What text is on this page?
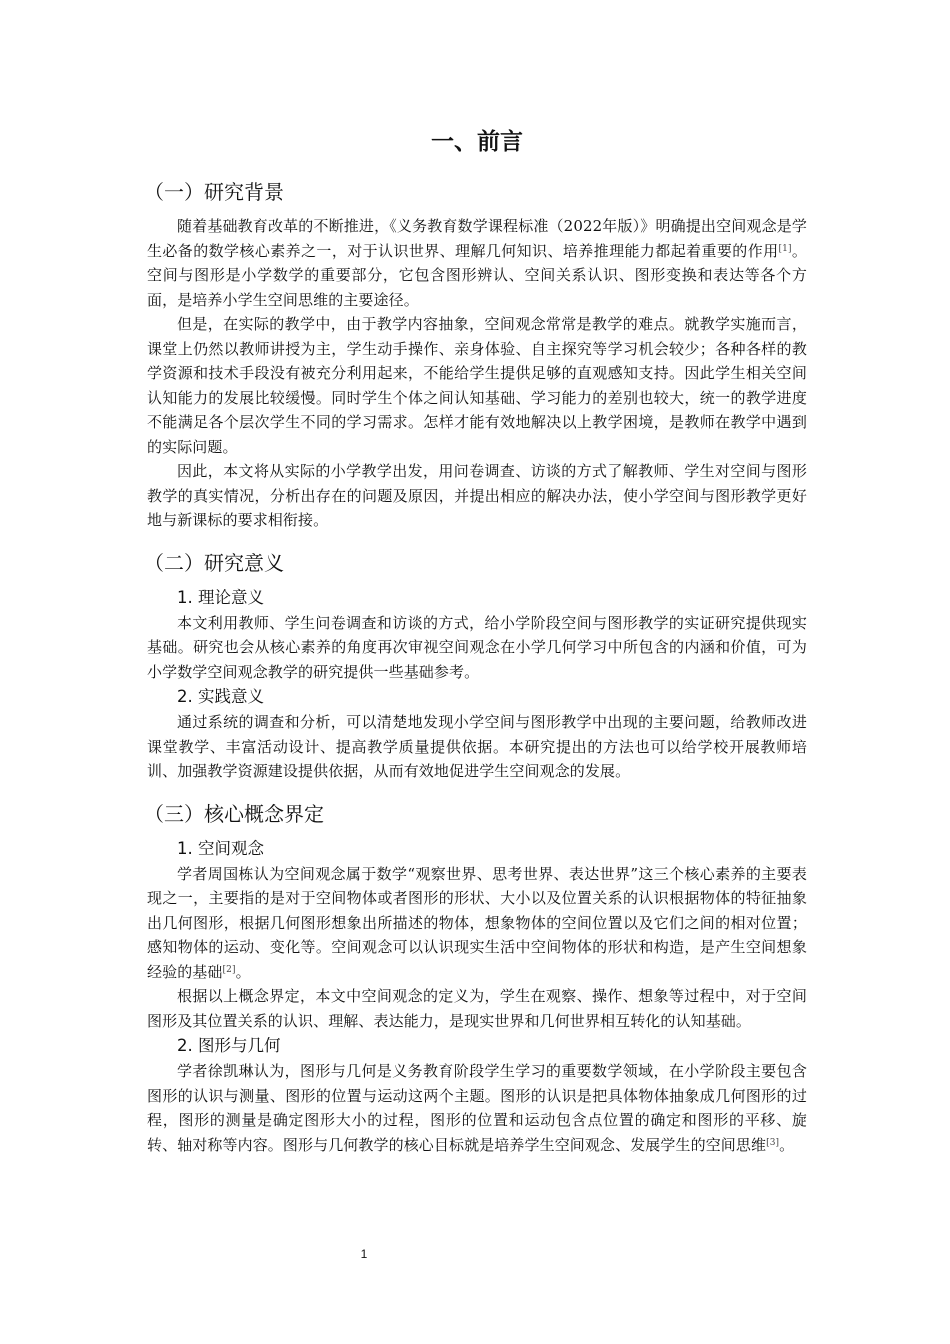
一、前言
（一）研究背景

随着基础教育改革的不断推进，《义务教育数学课程标准（2022年版）》明确提出空间观念是学生必备的数学核心素养之一，对于认识世界、理解几何知识、培养推理能力都起着重要的作用[1]。空间与图形是小学数学的重要部分，它包含图形辨认、空间关系认识、图形变换和表达等各个方面，是培养小学生空间思维的主要途径。

但是，在实际的教学中，由于教学内容抽象，空间观念常常是教学的难点。就教学实施而言，课堂上仍然以教师讲授为主，学生动手操作、亲身体验、自主探究等学习机会较少；各种各样的教学资源和技术手段没有被充分利用起来，不能给学生提供足够的直观感知支持。因此学生相关空间认知能力的发展比较缓慢。同时学生个体之间认知基础、学习能力的差别也较大，统一的教学进度不能满足各个层次学生不同的学习需求。怎样才能有效地解决以上教学困境，是教师在教学中遇到的实际问题。

因此，本文将从实际的小学教学出发，用问卷调查、访谈的方式了解教师、学生对空间与图形教学的真实情况，分析出存在的问题及原因，并提出相应的解决办法，使小学空间与图形教学更好地与新课标的要求相衔接。

（二）研究意义
1. 理论意义

本文利用教师、学生问卷调查和访谈的方式，给小学阶段空间与图形教学的实证研究提供现实基础。研究也会从核心素养的角度再次审视空间观念在小学几何学习中所包含的内涵和价值，可为小学数学空间观念教学的研究提供一些基础参考。

2. 实践意义

通过系统的调查和分析，可以清楚地发现小学空间与图形教学中出现的主要问题，给教师改进课堂教学、丰富活动设计、提高教学质量提供依据。本研究提出的方法也可以给学校开展教师培训、加强教学资源建设提供依据，从而有效地促进学生空间观念的发展。

（三）核心概念界定
1. 空间观念

学者周国栋认为空间观念属于数学“观察世界、思考世界、表达世界”这三个核心素养的主要表现之一，主要指的是对于空间物体或者图形的形状、大小以及位置关系的认识根据物体的特征抽象出几何图形，根据几何图形想象出所描述的物体，想象物体的空间位置以及它们之间的相对位置；感知物体的运动、变化等。空间观念可以认识现实生活中空间物体的形状和构造，是产生空间想象经验的基础[2]。

根据以上概念界定，本文中空间观念的定义为，学生在观察、操作、想象等过程中，对于空间图形及其位置关系的认识、理解、表达能力，是现实世界和几何世界相互转化的认知基础。

2. 图形与几何

学者徐凯琳认为，图形与几何是义务教育阶段学生学习的重要数学领域，在小学阶段主要包含图形的认识与测量、图形的位置与运动这两个主题。图形的认识是把具体物体抽象成几何图形的过程，图形的测量是确定图形大小的过程，图形的位置和运动包含点位置的确定和图形的平移、旋转、轴对称等内容。图形与几何教学的核心目标就是培养学生空间观念、发展学生的空间思维[3]。

1
